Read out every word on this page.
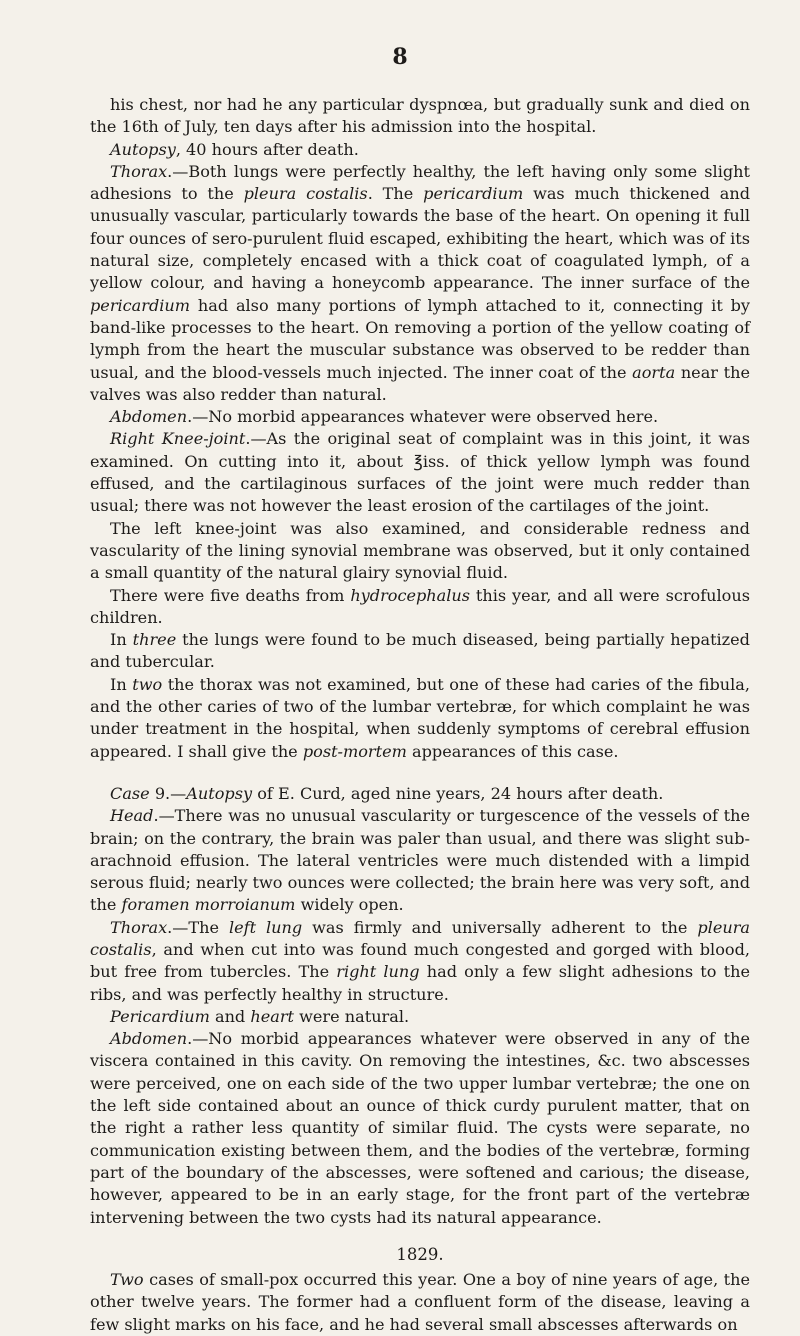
8

his chest, nor had he any particular dyspnœa, but gradually sunk and died on the 16th of July, ten days after his admission into the hospital.

Autopsy, 40 hours after death.

Thorax.—Both lungs were perfectly healthy, the left having only some slight adhesions to the pleura costalis. The pericardium was much thickened and unusually vascular, particularly towards the base of the heart. On opening it full four ounces of sero-purulent fluid escaped, exhibiting the heart, which was of its natural size, completely encased with a thick coat of coagulated lymph, of a yellow colour, and having a honeycomb appearance. The inner surface of the pericardium had also many portions of lymph attached to it, connecting it by band-like processes to the heart. On removing a portion of the yellow coating of lymph from the heart the muscular substance was observed to be redder than usual, and the blood-vessels much injected. The inner coat of the aorta near the valves was also redder than natural.

Abdomen.—No morbid appearances whatever were observed here.

Right Knee-joint.—As the original seat of complaint was in this joint, it was examined. On cutting into it, about ℥iss. of thick yellow lymph was found effused, and the cartilaginous surfaces of the joint were much redder than usual; there was not however the least erosion of the cartilages of the joint.

The left knee-joint was also examined, and considerable redness and vascularity of the lining synovial membrane was observed, but it only contained a small quantity of the natural glairy synovial fluid.

There were five deaths from hydrocephalus this year, and all were scrofulous children.

In three the lungs were found to be much diseased, being partially hepatized and tubercular.

In two the thorax was not examined, but one of these had caries of the fibula, and the other caries of two of the lumbar vertebræ, for which complaint he was under treatment in the hospital, when suddenly symptoms of cerebral effusion appeared. I shall give the post-mortem appearances of this case.

Case 9.—Autopsy of E. Curd, aged nine years, 24 hours after death.

Head.—There was no unusual vascularity or turgescence of the vessels of the brain; on the contrary, the brain was paler than usual, and there was slight sub-arachnoid effusion. The lateral ventricles were much distended with a limpid serous fluid; nearly two ounces were collected; the brain here was very soft, and the foramen morroianum widely open.

Thorax.—The left lung was firmly and universally adherent to the pleura costalis, and when cut into was found much congested and gorged with blood, but free from tubercles. The right lung had only a few slight adhesions to the ribs, and was perfectly healthy in structure.

Pericardium and heart were natural.

Abdomen.—No morbid appearances whatever were observed in any of the viscera contained in this cavity. On removing the intestines, &c. two abscesses were perceived, one on each side of the two upper lumbar vertebræ; the one on the left side contained about an ounce of thick curdy purulent matter, that on the right a rather less quantity of similar fluid. The cysts were separate, no communication existing between them, and the bodies of the vertebræ, forming part of the boundary of the abscesses, were softened and carious; the disease, however, appeared to be in an early stage, for the front part of the vertebræ intervening between the two cysts had its natural appearance.

1829.

Two cases of small-pox occurred this year. One a boy of nine years of age, the other twelve years. The former had a confluent form of the disease, leaving a few slight marks on his face, and he had several small abscesses afterwards on
